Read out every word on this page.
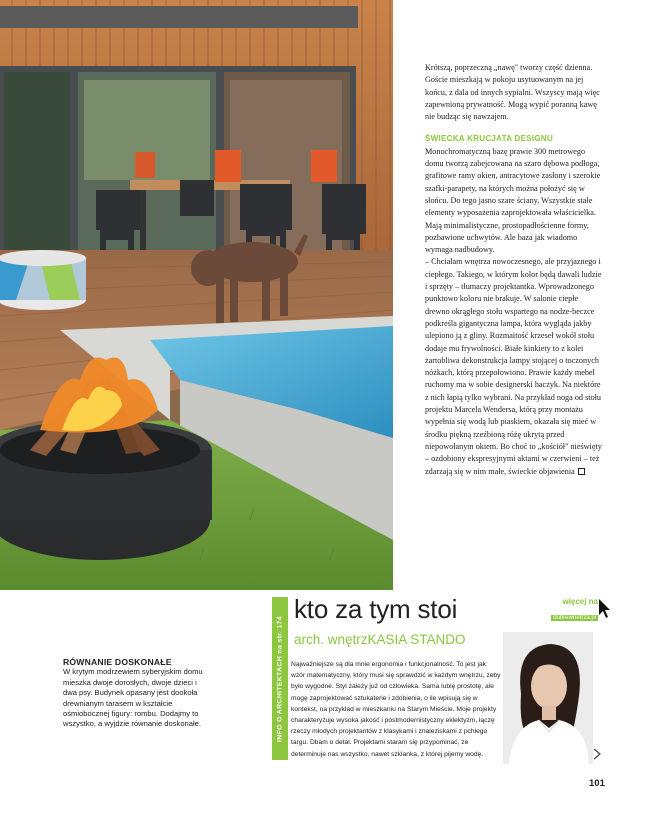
Krótszą, poprzeczną „nawę" tworzy część dzienna. Goście mieszkają w pokoju usytuowanym na jej końcu, z dala od innych sypialni. Wszyscy mają więc zapewnioną prywatność. Mogą wypić poranną kawę nie budząc się nawzajem.

ŚWIECKA KRUCJATA DESIGNU

Monochromatyczną bazę prawie 300 metrowego domu tworzą zabejcowana na szaro dębowa podłoga, grafitowe ramy okien, antracytowe zasłony i szerokie szafki-parapety, na których można położyć się w słońcu. Do tego jasno szare ściany. Wszystkie stałe elementy wyposażenia zaprojektowała właścicielka. Mają minimalistyczne, prostopadłościenne formy, pozbawione uchwytów. Ale baza jak wiadomo wymaga nadbudowy.

– Chciałam wnętrza nowoczesnego, ale przyjaznego i ciepłego. Takiego, w którym kolor będą dawali ludzie i sprzęty – tłumaczy projektantka. Wprowadzonego punktowo koloru nie brakuje. W salonie ciepłe drewno okrągłego stołu wspartego na nodze-beczce podkreśla gigantyczna lampa, która wygląda jakby ulepiono ją z gliny. Rozmaitość krzeseł wokół stołu dodaje mu frywolności. Białe kinkiety to z kolei żartobliwa dekonstrukcja lampy stojącej o toczonych nóżkach, którą przepołowiono. Prawie każdy mebel ruchomy ma w sobie designerski haczyk. Na niektóre z nich łapią tylko wybrani. Na przykład noga od stołu projektu Marcela Wendersa, którą przy montażu wypełnia się wodą lub piaskiem, okazała się mieć w środku piękną rzeźbioną różę ukrytą przed niepowołanym okiem. Bo choć to „kościół" nieświęty – ozdobiony ekspresyjnymi aktami w czerwieni – też zdarzają się w nim małe, świeckie objawienia

INFO O ARCHITEKTACH na str. 174
kto za tym stoi	więcej na
dobrewnetrza.pl
arch. wnętrzKASIA STANDO
Najważniejsze są dla mnie ergonomia i funkcjonalność. To jest jak wzór matematyczny, który musi się sprawdzić w każdym wnętrzu, żeby było wygodne. Styl zależy już od człowieka. Sama lubię prostotę, ale mogę zaprojektować sztukaterie i zdobienia, o ile wpisują się w kontekst, na przykład w mieszkaniu na Starym Mieście. Moje projekty charakteryzuje wysoka jakość i postmodernistyczny eklektyzm, łączę rzeczy młodych projektantów z klasykami i znaleziskami z pchlego targu. Dbam o detal. Projektami staram się przypominać, że determinuje nas wszystko, nawet szklanka, z której pijemy wodę.
RÓWNANIE DOSKONAŁE
W krytym modrzewiem syberyjskim domu mieszka dwoje dorosłych, dwoje dzieci i dwa psy. Budynek opasany jest dookoła drewnianym tarasem w kształcie ośmiobocznej figury: rombu. Dodajmy to wszystko, a wyjdzie równanie doskonałe.
101
